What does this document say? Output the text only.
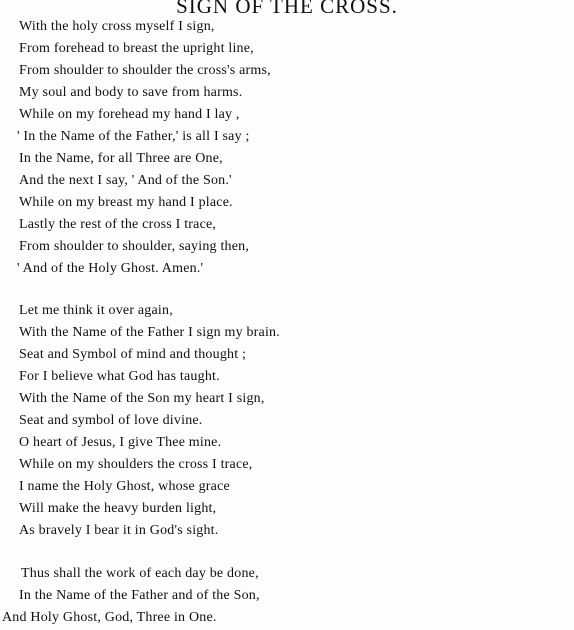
SIGN OF THE CROSS.
With the holy cross myself I sign,
From forehead to breast the upright line,
From shoulder to shoulder the cross's arms,
My soul and body to save from harms.
While on my forehead my hand I lay ,
' In the Name of the Father,' is all I say ;
In the Name, for all Three are One,
And the next I say, ' And of the Son.'
While on my breast my hand I place.
Lastly the rest of the cross I trace,
From shoulder to shoulder, saying then,
' And of the Holy Ghost. Amen.'
Let me think it over again,
With the Name of the Father I sign my brain.
Seat and Symbol of mind and thought ;
For I believe what God has taught.
With the Name of the Son my heart I sign,
Seat and symbol of love divine.
O heart of Jesus, I give Thee mine.
While on my shoulders the cross I trace,
I name the Holy Ghost, whose grace
Will make the heavy burden light,
As bravely I bear it in God's sight.
Thus shall the work of each day be done,
In the Name of the Father and of the Son,
And Holy Ghost, God, Three in One.
